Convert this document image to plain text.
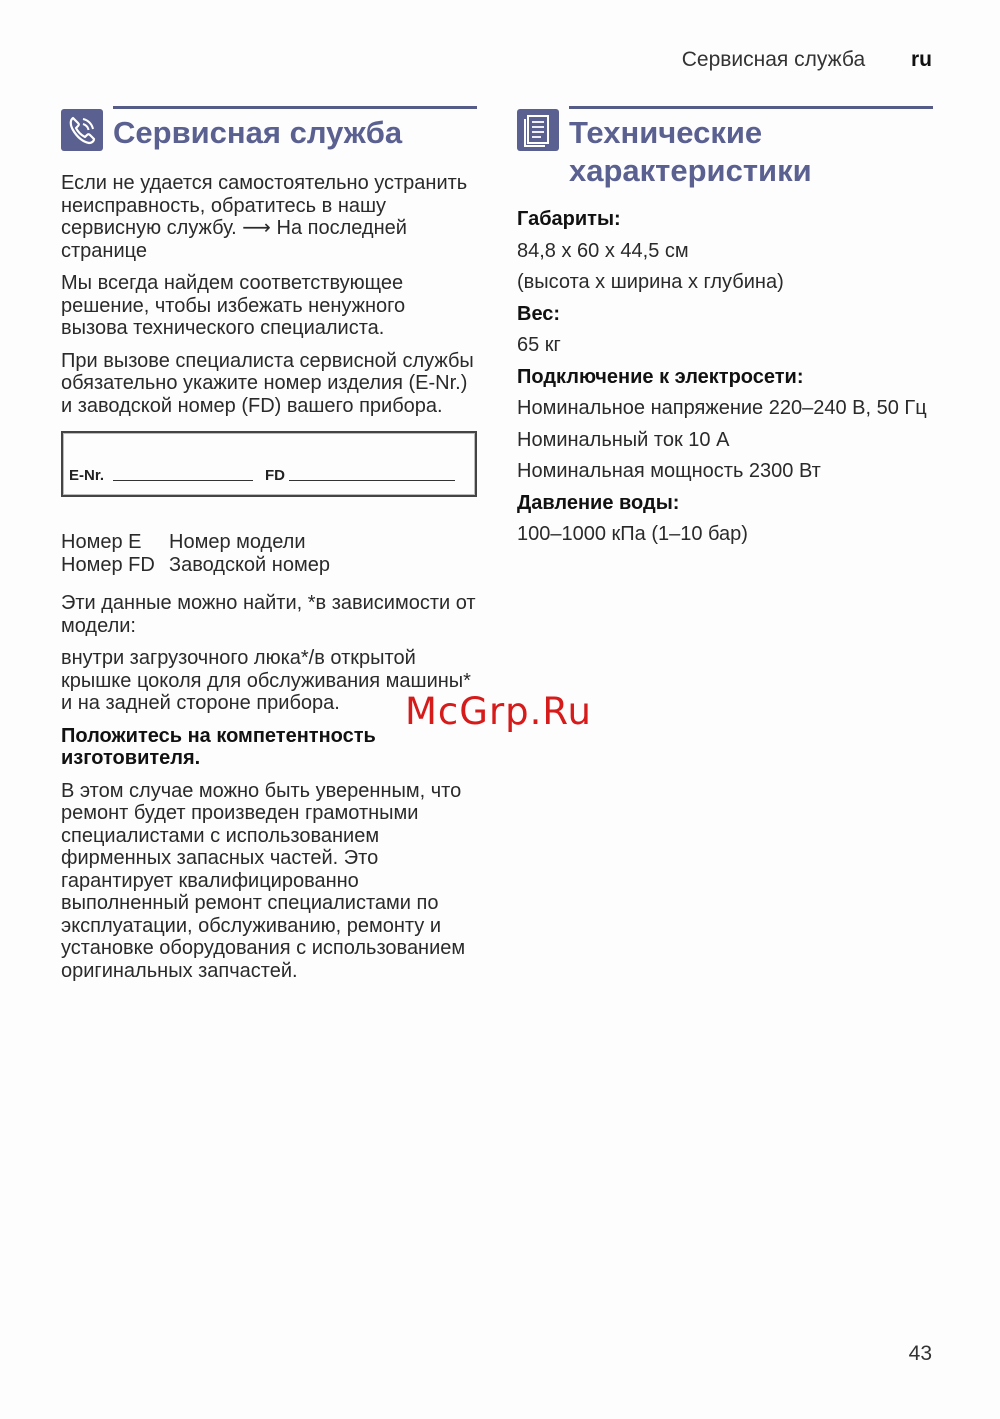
Сервисная служба ru
Сервисная служба

Если не удается самостоятельно устранить неисправность, обратитесь в нашу сервисную службу. ⟶ На последней странице

Мы всегда найдем соответствующее решение, чтобы избежать ненужного вызова технического специалиста.

При вызове специалиста сервисной службы обязательно укажите номер изделия (E-Nr.) и заводской номер (FD) вашего прибора.

E-Nr.	FD
Номер E	Номер модели
Номер FD Заводской номер

Эти данные можно найти, *в зависимости от модели:

внутри загрузочного люка*/в открытой крышке цоколя для обслуживания машины* и на задней стороне прибора.

Положитесь на компетентность изготовителя.

В этом случае можно быть уверенным, что ремонт будет произведен грамотными специалистами с использованием фирменных запасных частей. Это гарантирует квалифицированно выполненный ремонт специалистами по эксплуатации, обслуживанию, ремонту и установке оборудования с использованием оригинальных запчастей.

Технические характеристики

Габариты:

84,8 x 60 x 44,5 см

(высота x ширина x глубина)

Вес:

65 кг

Подключение к электросети:

Номинальное напряжение 220–240 В, 50 Гц

Номинальный ток 10 А

Номинальная мощность 2300 Вт

Давление воды:

100–1000 кПа (1–10 бар)

McGrp.Ru
43
